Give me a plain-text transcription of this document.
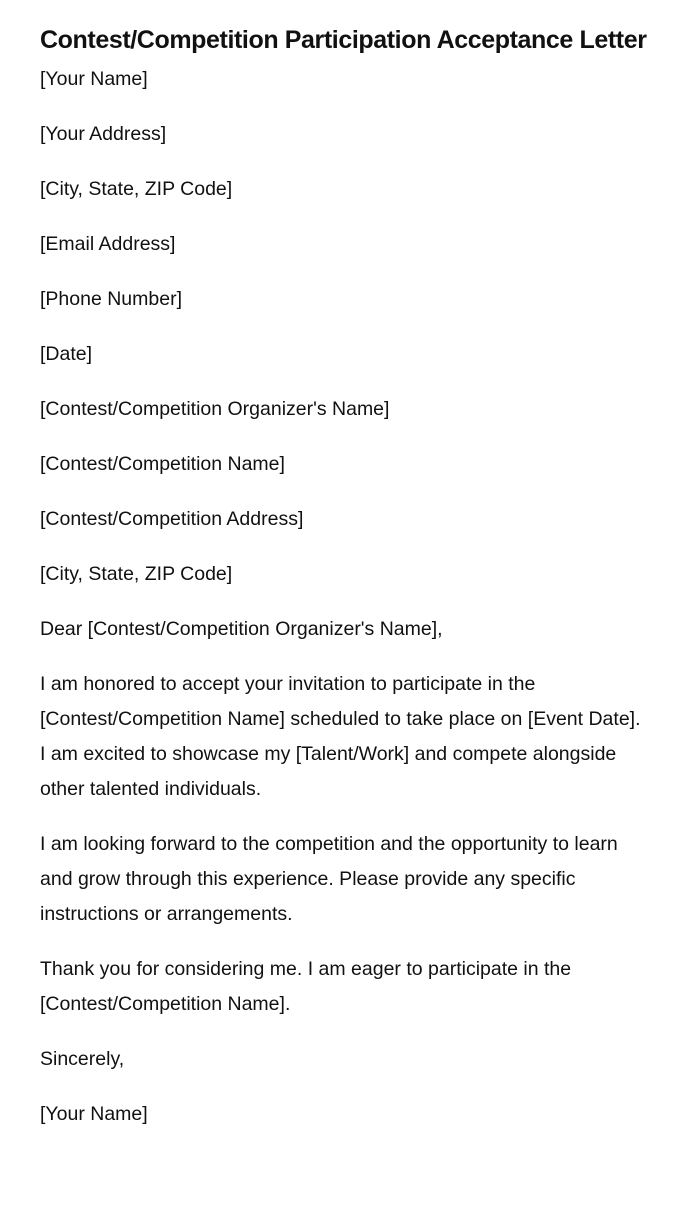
Contest/Competition Participation Acceptance Letter

[Your Name]

[Your Address]

[City, State, ZIP Code]

[Email Address]

[Phone Number]

[Date]

[Contest/Competition Organizer's Name]

[Contest/Competition Name]

[Contest/Competition Address]

[City, State, ZIP Code]

Dear [Contest/Competition Organizer's Name],

I am honored to accept your invitation to participate in the [Contest/Competition Name] scheduled to take place on [Event Date]. I am excited to showcase my [Talent/Work] and compete alongside other talented individuals.

I am looking forward to the competition and the opportunity to learn and grow through this experience. Please provide any specific instructions or arrangements.

Thank you for considering me. I am eager to participate in the [Contest/Competition Name].

Sincerely,

[Your Name]
